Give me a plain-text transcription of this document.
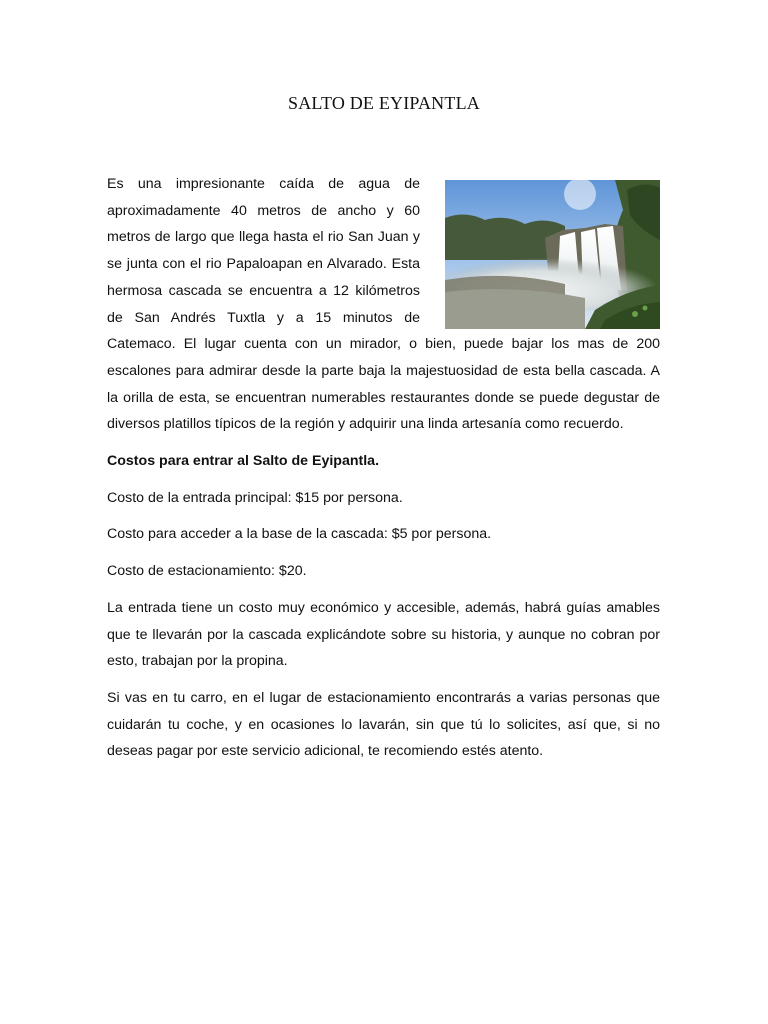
SALTO DE EYIPANTLA

Es una impresionante caída de agua de aproximadamente 40 metros de ancho y 60 metros de largo que llega hasta el rio San Juan y se junta con el rio Papaloapan en Alvarado. Esta hermosa cascada se encuentra a 12 kilómetros de San Andrés Tuxtla y a 15 minutos de Catemaco. El lugar cuenta con un mirador, o bien, puede bajar los mas de 200 escalones para admirar desde la parte baja la majestuosidad de esta bella cascada. A la orilla de esta, se encuentran numerables restaurantes donde se puede degustar de diversos platillos típicos de la región y adquirir una linda artesanía como recuerdo.

Costos para entrar al Salto de Eyipantla.

Costo de la entrada principal: $15 por persona.

Costo para acceder a la base de la cascada: $5 por persona.

Costo de estacionamiento: $20.

La entrada tiene un costo muy económico y accesible, además, habrá guías amables que te llevarán por la cascada explicándote sobre su historia, y aunque no cobran por esto, trabajan por la propina.

Si vas en tu carro, en el lugar de estacionamiento encontrarás a varias personas que cuidarán tu coche, y en ocasiones lo lavarán, sin que tú lo solicites, así que, si no deseas pagar por este servicio adicional, te recomiendo estés atento.
